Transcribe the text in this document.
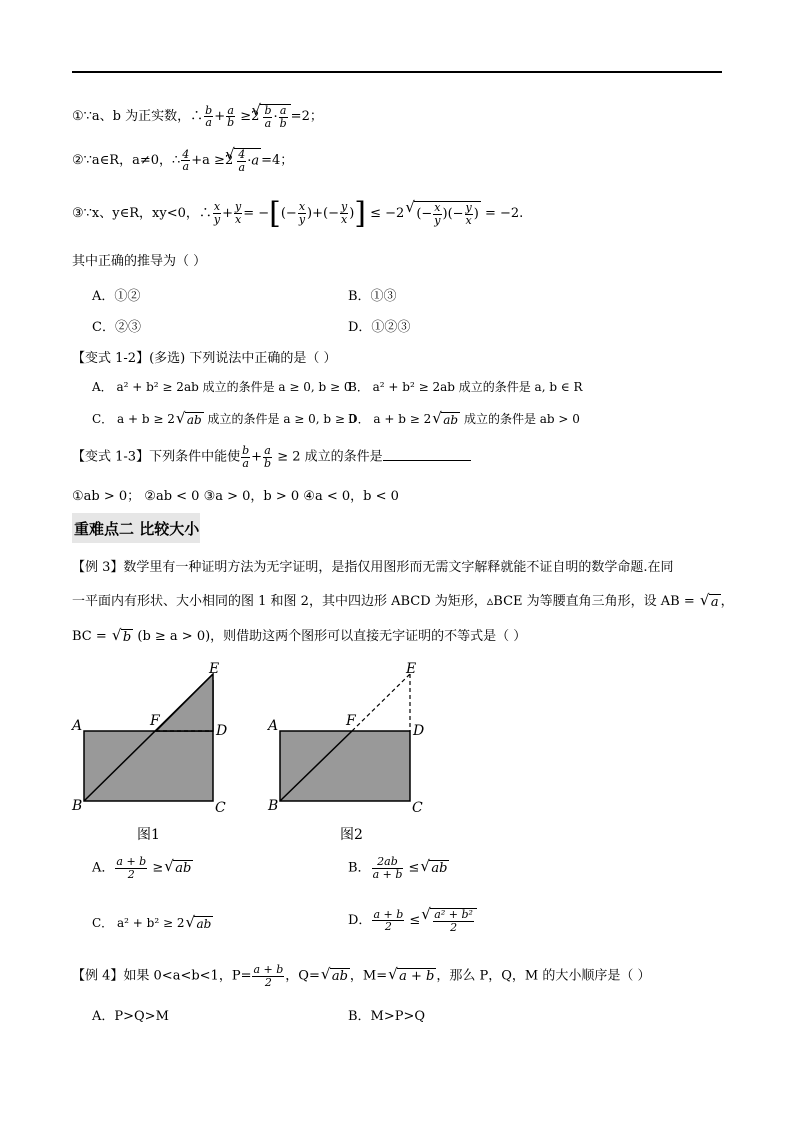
①∵a、b 为正实数，∴ $\frac{b}{a} + \frac{a}{b} \ge 2$ √ $\frac{b}{a} \cdot \frac{a}{b} =2$；
②∵a∈R，a≠0，∴ $\frac{4}{a} +a \ge 2$ √ $\frac{4}{a} \cdot a =4$；
③∵x、y∈R，xy<0，∴ $\frac{x}{y} + \frac{y}{x}$ = −[(− $\frac{x}{y}$ )+(− $\frac{y}{x}$ )] ≤ −2 √ (− $\frac{x}{y}$ )(− $\frac{y}{x}$ ) = −2.
其中正确的推导为（ ）
A．①②	B．①③
C．②③	D．①②③
【变式 1-2】(多选) 下列说法中正确的是（ ）
A． a² + b² ≥ 2ab 成立的条件是 a ≥ 0, b ≥ 0
B． a² + b² ≥ 2ab 成立的条件是 a, b ∈ R
C． a + b ≥ 2 √ ab 成立的条件是 a ≥ 0, b ≥ 0
D． a + b ≥ 2 √ ab 成立的条件是 ab > 0
【变式 1-3】下列条件中能使 $\frac{b}{a} + \frac{a}{b} \ge 2$ 成立的条件是
①ab > 0； ②ab < 0 ③a > 0，b > 0 ④a < 0，b < 0
重难点二 比较大小
【例 3】数学里有一种证明方法为无字证明，是指仅用图形而无需文字解释就能不证自明的数学命题.在同
一平面内有形状、大小相同的图 1 和图 2，其中四边形 ABCD 为矩形，▵BCE 为等腰直角三角形，设 AB = √ a ，
BC = √ b (b ≥ a > 0)，则借助这两个图形可以直接无字证明的不等式是（ ）
A
B	C
D
E
F
图1
A
B	C
D
E
F
图2
A． $\frac{a + b}{2}$ ≥ √ ab	B． $\frac{2ab}{a + b}$ ≤ √ ab
C． a² + b² ≥ 2 √ ab	D． $\frac{a + b}{2}$ ≤ √ $\frac{\text{a² + b²}}{2}$
【例 4】如果 0<a<b<1，$P= \frac{a + b}{2}$ ，Q= √ ab ，M= √ a + b ，那么 P，Q，M 的大小顺序是（ ）
A．P>Q>M	B．M>P>Q
